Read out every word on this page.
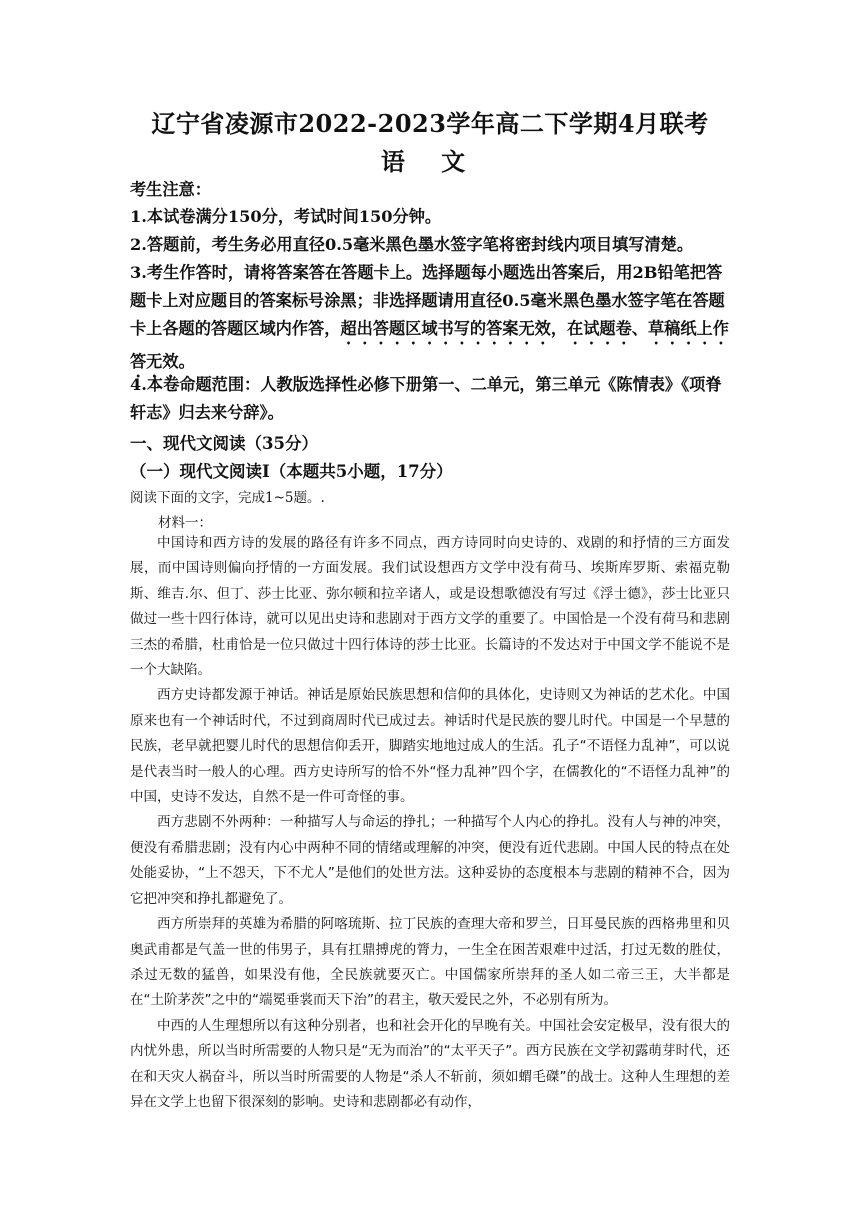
辽宁省凌源市2022-2023学年高二下学期4月联考
语 文
考生注意：
1.本试卷满分150分，考试时间150分钟。
2.答题前，考生务必用直径0.5毫米黑色墨水签字笔将密封线内项目填写清楚。
3.考生作答时，请将答案答在答题卡上。选择题每小题选出答案后，用2B铅笔把答题卡上对应题目的答案标号涂黑；非选择题请用直径0.5毫米黑色墨水签字笔在答题卡上各题的答题区域内作答，超出答题区域书写的答案无效，在试题卷、草稿纸上作答无效。
4.本卷命题范围：人教版选择性必修下册第一、二单元，第三单元《陈情表》《项脊轩志》归去来兮辞》。
一、现代文阅读（35分）
（一）现代文阅读Ⅰ（本题共5小题，17分）
阅读下面的文字，完成1~5题。.
材料一：

中国诗和西方诗的发展的路径有许多不同点，西方诗同时向史诗的、戏剧的和抒情的三方面发展，而中国诗则偏向抒情的一方面发展。我们试设想西方文学中没有荷马、埃斯库罗斯、索福克勒斯、维吉.尔、但丁、莎士比亚、弥尔顿和拉辛诸人，或是设想歌德没有写过《浮士德》，莎士比亚只做过一些十四行体诗，就可以见出史诗和悲剧对于西方文学的重要了。中国恰是一个没有荷马和悲剧三杰的希腊，杜甫恰是一位只做过十四行体诗的莎士比亚。长篇诗的不发达对于中国文学不能说不是一个大缺陷。

西方史诗都发源于神话。神话是原始民族思想和信仰的具体化，史诗则又为神话的艺术化。中国原来也有一个神话时代，不过到商周时代已成过去。神话时代是民族的婴儿时代。中国是一个早慧的民族，老早就把婴儿时代的思想信仰丢开，脚踏实地地过成人的生活。孔子“不语怪力乱神”，可以说是代表当时一般人的心理。西方史诗所写的恰不外“怪力乱神”四个字，在儒教化的“不语怪力乱神”的中国，史诗不发达，自然不是一件可奇怪的事。

西方悲剧不外两种：一种描写人与命运的挣扎；一种描写个人内心的挣扎。没有人与神的冲突，便没有希腊悲剧；没有内心中两种不同的情绪或理解的冲突，便没有近代悲剧。中国人民的特点在处处能妥协，“上不怨天，下不尤人”是他们的处世方法。这种妥协的态度根本与悲剧的精神不合，因为它把冲突和挣扎都避免了。

西方所崇拜的英雄为希腊的阿喀琉斯、拉丁民族的查理大帝和罗兰，日耳曼民族的西格弗里和贝奥武甫都是气盖一世的伟男子，具有扛鼎搏虎的膂力，一生全在困苦艰难中过活，打过无数的胜仗，杀过无数的猛兽，如果没有他，全民族就要灭亡。中国儒家所崇拜的圣人如二帝三王，大半都是在“土阶茅茨”之中的“端冕垂裳而天下治”的君主，敬天爱民之外，不必别有所为。

中西的人生理想所以有这种分别者，也和社会开化的早晚有关。中国社会安定极早，没有很大的内忧外患，所以当时所需要的人物只是“无为而治”的“太平天子”。西方民族在文学初露萌芽时代，还在和天灾人祸奋斗，所以当时所需要的人物是“杀人不斩前，须如蝟毛磔”的战士。这种人生理想的差异在文学上也留下很深刻的影响。史诗和悲剧都必有动作，
